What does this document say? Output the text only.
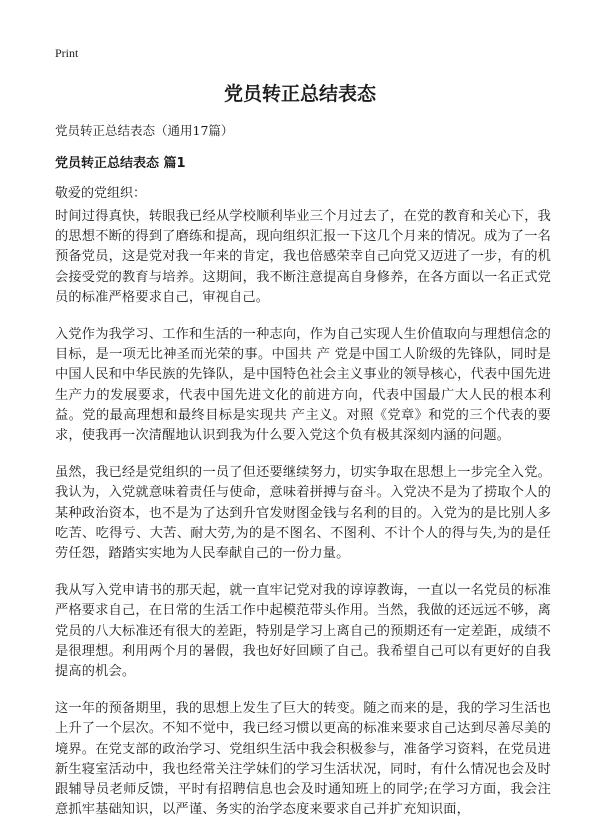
Print
党员转正总结表态
党员转正总结表态（通用17篇）
党员转正总结表态 篇1
敬爱的党组织：

时间过得真快，转眼我已经从学校顺利毕业三个月过去了，在党的教育和关心下，我的思想不断的得到了磨练和提高，现向组织汇报一下这几个月来的情况。成为了一名预备党员，这是党对我一年来的肯定，我也倍感荣幸自己向党又迈进了一步，有的机会接受党的教育与培养。这期间，我不断注意提高自身修养，在各方面以一名正式党员的标准严格要求自己，审视自己。

入党作为我学习、工作和生活的一种志向，作为自己实现人生价值取向与理想信念的目标，是一项无比神圣而光荣的事。中国共 产 党是中国工人阶级的先锋队，同时是中国人民和中华民族的先锋队，是中国特色社会主义事业的领导核心，代表中国先进生产力的发展要求，代表中国先进文化的前进方向，代表中国最广大人民的根本利益。党的最高理想和最终目标是实现共 产主义。对照《党章》和党的三个代表的要求，使我再一次清醒地认识到我为什么要入党这个负有极其深刻内涵的问题。

虽然，我已经是党组织的一员了但还要继续努力，切实争取在思想上一步完全入党。我认为，入党就意味着责任与使命，意味着拼搏与奋斗。入党决不是为了捞取个人的某种政治资本，也不是为了达到升官发财图金钱与名利的目的。入党为的是比别人多吃苦、吃得亏、大苦、耐大劳,为的是不图名、不图利、不计个人的得与失,为的是任劳任怨，踏踏实实地为人民奉献自己的一份力量。

我从写入党申请书的那天起，就一直牢记党对我的谆谆教诲，一直以一名党员的标准严格要求自己，在日常的生活工作中起模范带头作用。当然，我做的还远远不够，离党员的八大标准还有很大的差距，特别是学习上离自己的预期还有一定差距，成绩不是很理想。利用两个月的暑假，我也好好回顾了自己。我希望自己可以有更好的自我提高的机会。

这一年的预备期里，我的思想上发生了巨大的转变。随之而来的是，我的学习生活也上升了一个层次。不知不觉中，我已经习惯以更高的标准来要求自己达到尽善尽美的境界。在党支部的政治学习、党组织生活中我会积极参与，准备学习资料，在党员进新生寝室活动中，我也经常关注学妹们的学习生活状况，同时，有什么情况也会及时跟辅导员老师反馈，平时有招聘信息也会及时通知班上的同学;在学习方面，我会注意抓牢基础知识，以严谨、务实的治学态度来要求自己并扩充知识面，
